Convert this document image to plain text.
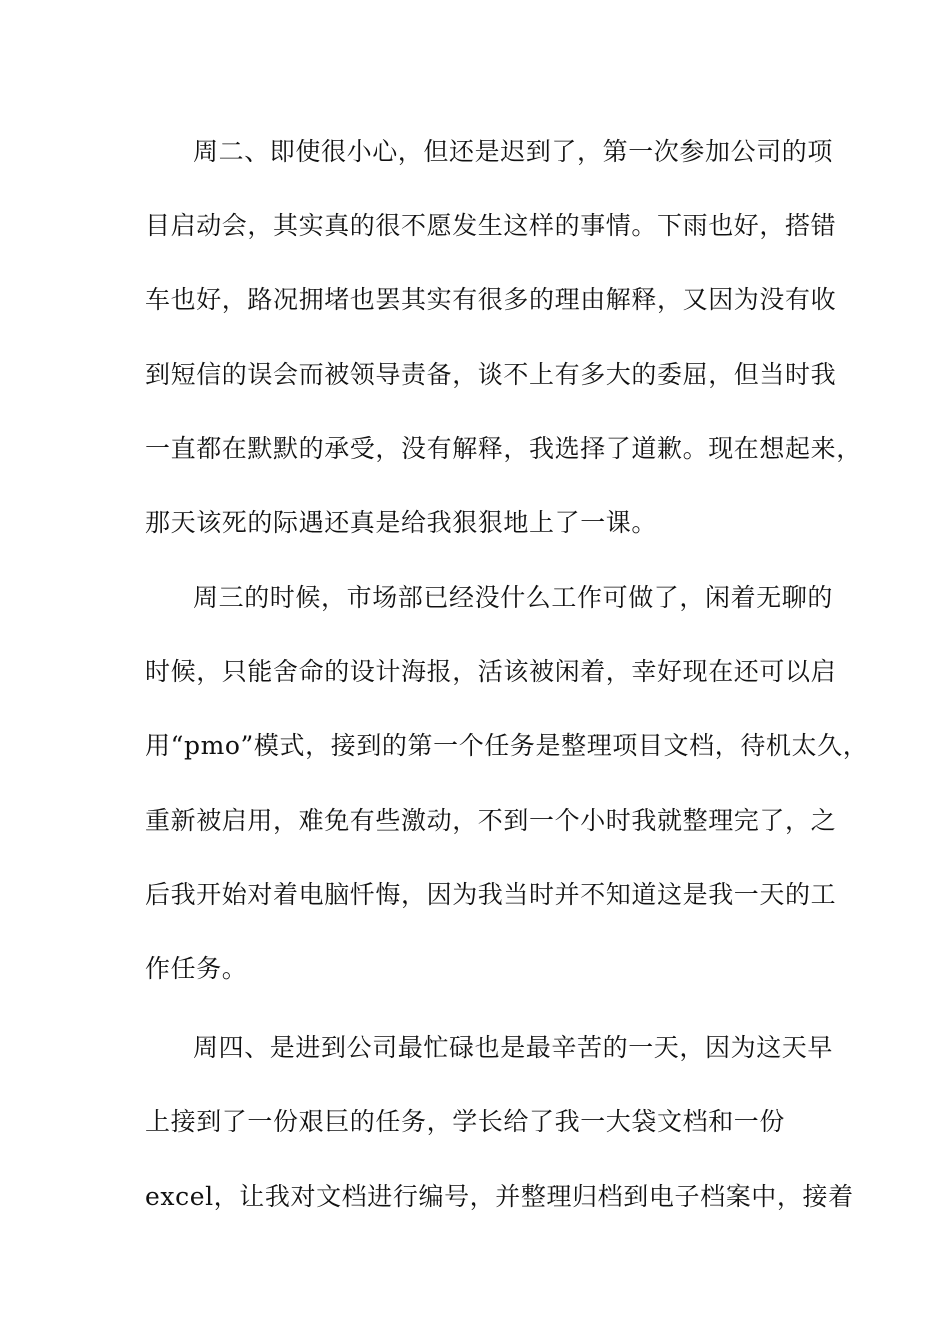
周二、即使很小心，但还是迟到了，第一次参加公司的项
目启动会，其实真的很不愿发生这样的事情。下雨也好，搭错
车也好，路况拥堵也罢其实有很多的理由解释，又因为没有收
到短信的误会而被领导责备，谈不上有多大的委屈，但当时我
一直都在默默的承受，没有解释，我选择了道歉。现在想起来，
那天该死的际遇还真是给我狠狠地上了一课。
周三的时候，市场部已经没什么工作可做了，闲着无聊的
时候，只能舍命的设计海报，活该被闲着，幸好现在还可以启
用“pmo”模式，接到的第一个任务是整理项目文档，待机太久，
重新被启用，难免有些激动，不到一个小时我就整理完了，之
后我开始对着电脑忏悔，因为我当时并不知道这是我一天的工
作任务。
周四、是进到公司最忙碌也是最辛苦的一天，因为这天早
上接到了一份艰巨的任务，学长给了我一大袋文档和一份
excel，让我对文档进行编号，并整理归档到电子档案中，接着
